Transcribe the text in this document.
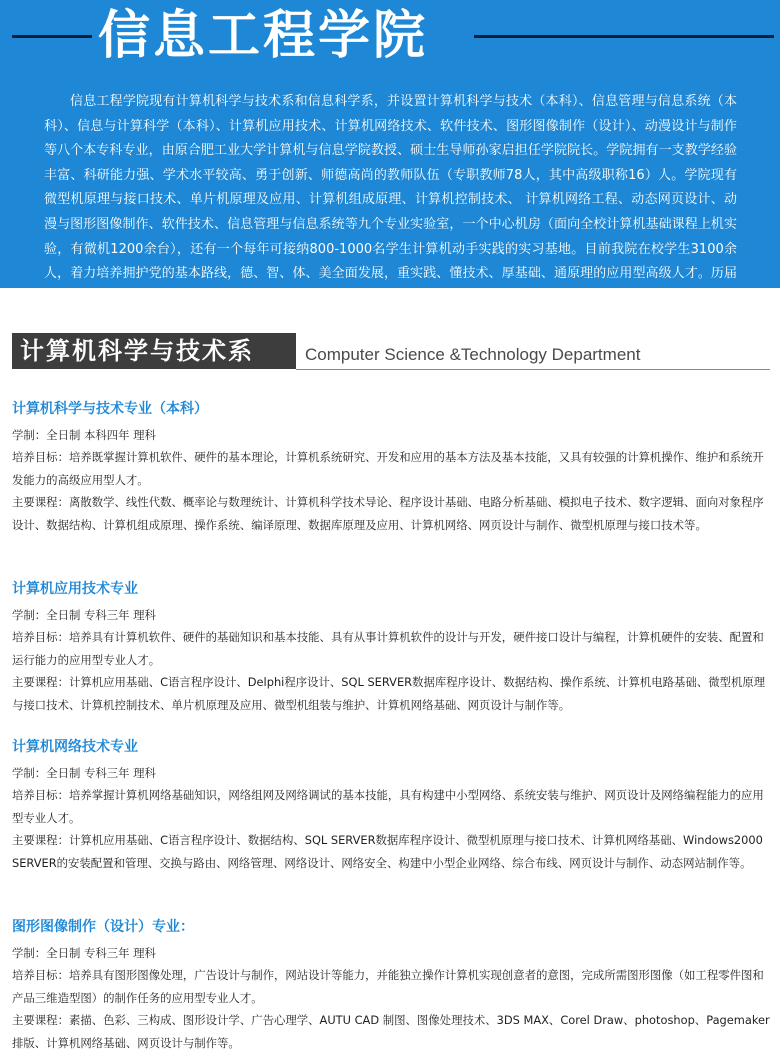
信息工程学院

信息工程学院现有计算机科学与技术系和信息科学系，并设置计算机科学与技术（本科）、信息管理与信息系统（本科）、信息与计算科学（本科）、计算机应用技术、计算机网络技术、软件技术、图形图像制作（设计）、动漫设计与制作等八个本专科专业，由原合肥工业大学计算机与信息学院教授、硕士生导师孙家启担任学院院长。学院拥有一支教学经验丰富、科研能力强、学术水平较高、勇于创新、师德高尚的教师队伍（专职教师78人，其中高级职称16）人。学院现有微型机原理与接口技术、单片机原理及应用、计算机组成原理、计算机控制技术、 计算机网络工程、动态网页设计、动漫与图形图像制作、软件技术、信息管理与信息系统等九个专业实验室，一个中心机房（面向全校计算机基础课程上机实验，有微机1200余台），还有一个每年可接纳800-1000名学生计算机动手实践的实习基地。目前我院在校学生3100余人，着力培养拥护党的基本路线，德、智、体、美全面发展，重实践、懂技术、厚基础、通原理的应用型高级人才。历届毕业生就业率为97%以上。

计算机科学与技术系	Computer Science &Technology Department
计算机科学与技术专业（本科）

学制：全日制 本科四年 理科

培养目标：培养既掌握计算机软件、硬件的基本理论，计算机系统研究、开发和应用的基本方法及基本技能，又具有较强的计算机操作、维护和系统开发能力的高级应用型人才。

主要课程：离散数学、线性代数、概率论与数理统计、计算机科学技术导论、程序设计基础、电路分析基础、模拟电子技术、数字逻辑、面向对象程序设计、数据结构、计算机组成原理、操作系统、编译原理、数据库原理及应用、计算机网络、网页设计与制作、微型机原理与接口技术等。

计算机应用技术专业

学制：全日制 专科三年 理科

培养目标：培养具有计算机软件、硬件的基础知识和基本技能、具有从事计算机软件的设计与开发，硬件接口设计与编程，计算机硬件的安装、配置和运行能力的应用型专业人才。

主要课程：计算机应用基础、C语言程序设计、Delphi程序设计、SQL SERVER数据库程序设计、数据结构、操作系统、计算机电路基础、微型机原理与接口技术、计算机控制技术、单片机原理及应用、微型机组装与维护、计算机网络基础、网页设计与制作等。

计算机网络技术专业

学制：全日制 专科三年 理科

培养目标：培养掌握计算机网络基础知识，网络组网及网络调试的基本技能，具有构建中小型网络、系统安装与维护、网页设计及网络编程能力的应用型专业人才。

主要课程：计算机应用基础、C语言程序设计、数据结构、SQL SERVER数据库程序设计、微型机原理与接口技术、计算机网络基础、Windows2000 SERVER的安装配置和管理、交换与路由、网络管理、网络设计、网络安全、构建中小型企业网络、综合布线、网页设计与制作、动态网站制作等。

图形图像制作（设计）专业：

学制：全日制 专科三年 理科

培养目标：培养具有图形图像处理，广告设计与制作，网站设计等能力，并能独立操作计算机实现创意者的意图，完成所需图形图像（如工程零件图和产品三维造型图）的制作任务的应用型专业人才。

主要课程：素描、色彩、三构成、图形设计学、广告心理学、AUTU CAD 制图、图像处理技术、3DS MAX、Corel Draw、photoshop、Pagemaker排版、计算机网络基础、网页设计与制作等。
